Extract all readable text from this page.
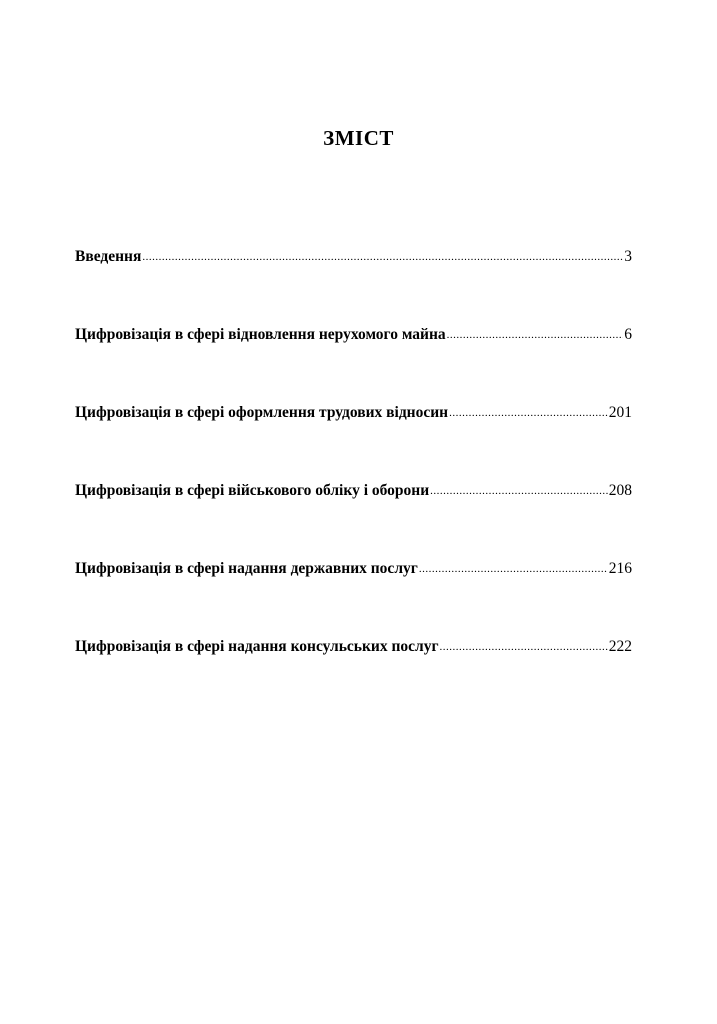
ЗМІСТ
Введення .....	3
Цифровізація в сфері відновлення нерухомого майна .....	6
Цифровізація в сфері оформлення трудових відносин .....	201
Цифровізація в сфері військового обліку і оборони .....	208
Цифровізація в сфері надання державних послуг .....	216
Цифровізація в сфері надання консульських послуг .....	222
